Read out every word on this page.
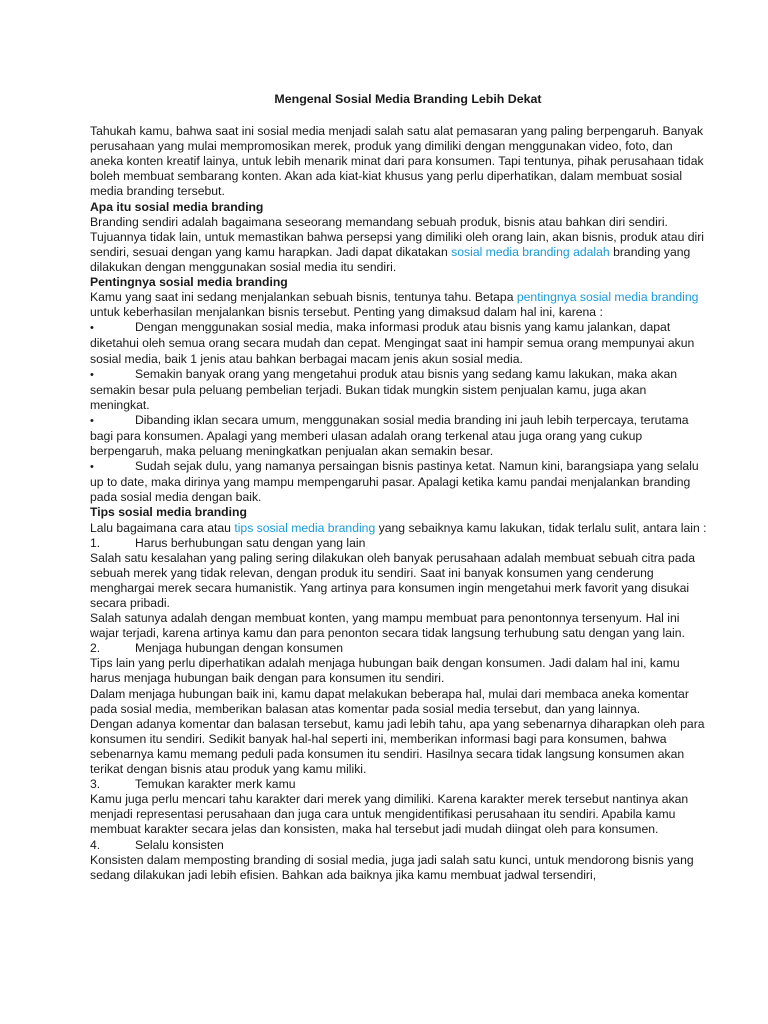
Mengenal Sosial Media Branding Lebih Dekat

Tahukah kamu, bahwa saat ini sosial media menjadi salah satu alat pemasaran yang paling berpengaruh. Banyak perusahaan yang mulai mempromosikan merek, produk yang dimiliki dengan menggunakan video, foto, dan aneka konten kreatif lainya, untuk lebih menarik minat dari para konsumen. Tapi tentunya, pihak perusahaan tidak boleh membuat sembarang konten. Akan ada kiat-kiat khusus yang perlu diperhatikan, dalam membuat sosial media branding tersebut.

Apa itu sosial media branding

Branding sendiri adalah bagaimana seseorang memandang sebuah produk, bisnis atau bahkan diri sendiri. Tujuannya tidak lain, untuk memastikan bahwa persepsi yang dimiliki oleh orang lain, akan bisnis, produk atau diri sendiri, sesuai dengan yang kamu harapkan. Jadi dapat dikatakan sosial media branding adalah branding yang dilakukan dengan menggunakan sosial media itu sendiri.

Pentingnya sosial media branding

Kamu yang saat ini sedang menjalankan sebuah bisnis, tentunya tahu. Betapa pentingnya sosial media branding untuk keberhasilan menjalankan bisnis tersebut. Penting yang dimaksud dalam hal ini, karena :

•	Dengan menggunakan sosial media, maka informasi produk atau bisnis yang kamu jalankan, dapat diketahui oleh semua orang secara mudah dan cepat. Mengingat saat ini hampir semua orang mempunyai akun sosial media, baik 1 jenis atau bahkan berbagai macam jenis akun sosial media.

•	Semakin banyak orang yang mengetahui produk atau bisnis yang sedang kamu lakukan, maka akan semakin besar pula peluang pembelian terjadi. Bukan tidak mungkin sistem penjualan kamu, juga akan meningkat.

•	Dibanding iklan secara umum, menggunakan sosial media branding ini jauh lebih terpercaya, terutama bagi para konsumen. Apalagi yang memberi ulasan adalah orang terkenal atau juga orang yang cukup berpengaruh, maka peluang meningkatkan penjualan akan semakin besar.

•	Sudah sejak dulu, yang namanya persaingan bisnis pastinya ketat. Namun kini, barangsiapa yang selalu up to date, maka dirinya yang mampu mempengaruhi pasar. Apalagi ketika kamu pandai menjalankan branding pada sosial media dengan baik.

Tips sosial media branding

Lalu bagaimana cara atau tips sosial media branding yang sebaiknya kamu lakukan, tidak terlalu sulit, antara lain :

1.	Harus berhubungan satu dengan yang lain

Salah satu kesalahan yang paling sering dilakukan oleh banyak perusahaan adalah membuat sebuah citra pada sebuah merek yang tidak relevan, dengan produk itu sendiri. Saat ini banyak konsumen yang cenderung menghargai merek secara humanistik. Yang artinya para konsumen ingin mengetahui merk favorit yang disukai secara pribadi.

Salah satunya adalah dengan membuat konten, yang mampu membuat para penontonnya tersenyum. Hal ini wajar terjadi, karena artinya kamu dan para penonton secara tidak langsung terhubung satu dengan yang lain.

2.	Menjaga hubungan dengan konsumen

Tips lain yang perlu diperhatikan adalah menjaga hubungan baik dengan konsumen. Jadi dalam hal ini, kamu harus menjaga hubungan baik dengan para konsumen itu sendiri.

Dalam menjaga hubungan baik ini, kamu dapat melakukan beberapa hal, mulai dari membaca aneka komentar pada sosial media, memberikan balasan atas komentar pada sosial media tersebut, dan yang lainnya.

Dengan adanya komentar dan balasan tersebut, kamu jadi lebih tahu, apa yang sebenarnya diharapkan oleh para konsumen itu sendiri. Sedikit banyak hal-hal seperti ini, memberikan informasi bagi para konsumen, bahwa sebenarnya kamu memang peduli pada konsumen itu sendiri. Hasilnya secara tidak langsung konsumen akan terikat dengan bisnis atau produk yang kamu miliki.

3.	Temukan karakter merk kamu

Kamu juga perlu mencari tahu karakter dari merek yang dimiliki. Karena karakter merek tersebut nantinya akan menjadi representasi perusahaan dan juga cara untuk mengidentifikasi perusahaan itu sendiri. Apabila kamu membuat karakter secara jelas dan konsisten, maka hal tersebut jadi mudah diingat oleh para konsumen.

4.	Selalu konsisten

Konsisten dalam memposting branding di sosial media, juga jadi salah satu kunci, untuk mendorong bisnis yang sedang dilakukan jadi lebih efisien. Bahkan ada baiknya jika kamu membuat jadwal tersendiri,
